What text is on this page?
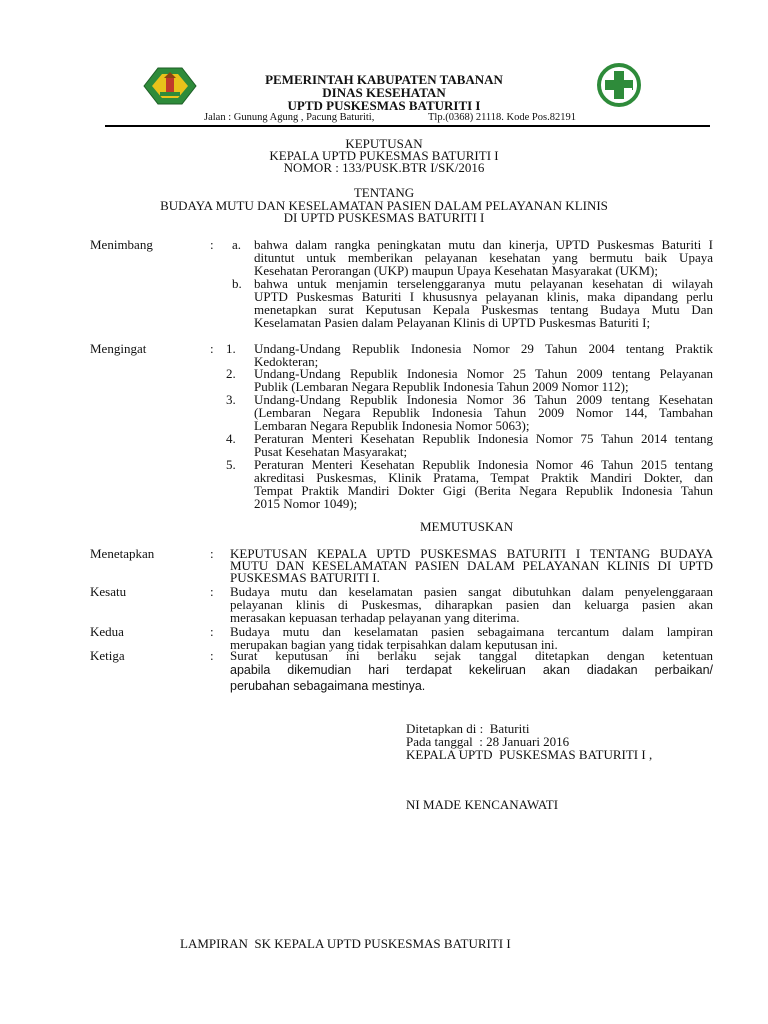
PEMERINTAH KABUPATEN TABANAN
DINAS KESEHATAN
UPTD PUSKESMAS BATURITI I
Jalan : Gunung Agung , Pacung Baturiti,	Tlp.(0368) 21118. Kode Pos.82191
KEPUTUSAN
KEPALA UPTD PUKESMAS BATURITI I
NOMOR : 133/PUSK.BTR I/SK/2016
TENTANG
BUDAYA MUTU DAN KESELAMATAN PASIEN DALAM PELAYANAN KLINIS
DI UPTD PUSKESMAS BATURITI I
Menimbang	: a. bahwa dalam rangka peningkatan mutu dan kinerja, UPTD Puskesmas Baturiti I
dituntut untuk memberikan pelayanan kesehatan yang bermutu baik Upaya
Kesehatan Perorangan (UKP) maupun Upaya Kesehatan Masyarakat (UKM);
b. bahwa untuk menjamin terselenggaranya mutu pelayanan kesehatan di wilayah
UPTD Puskesmas Baturiti I khususnya pelayanan klinis, maka dipandang perlu
menetapkan surat Keputusan Kepala Puskesmas tentang Budaya Mutu Dan
Keselamatan Pasien dalam Pelayanan Klinis di UPTD Puskesmas Baturiti I;
Mengingat	: 1. Undang-Undang Republik Indonesia Nomor 29 Tahun 2004 tentang Praktik
Kedokteran;
2. Undang-Undang Republik Indonesia Nomor 25 Tahun 2009 tentang Pelayanan
Publik (Lembaran Negara Republik Indonesia Tahun 2009 Nomor 112);
3. Undang-Undang Republik Indonesia Nomor 36 Tahun 2009 tentang Kesehatan
(Lembaran Negara Republik Indonesia Tahun 2009 Nomor 144, Tambahan
Lembaran Negara Republik Indonesia Nomor 5063);
4. Peraturan Menteri Kesehatan Republik Indonesia Nomor 75 Tahun 2014 tentang
Pusat Kesehatan Masyarakat;
5. Peraturan Menteri Kesehatan Republik Indonesia Nomor 46 Tahun 2015 tentang
akreditasi Puskesmas, Klinik Pratama, Tempat Praktik Mandiri Dokter, dan
Tempat Praktik Mandiri Dokter Gigi (Berita Negara Republik Indonesia Tahun
2015 Nomor 1049);
MEMUTUSKAN
Menetapkan	: KEPUTUSAN KEPALA UPTD PUSKESMAS BATURITI I TENTANG BUDAYA
MUTU DAN KESELAMATAN PASIEN DALAM PELAYANAN KLINIS DI UPTD
PUSKESMAS BATURITI I.
Kesatu	: Budaya mutu dan keselamatan pasien sangat dibutuhkan dalam penyelenggaraan
pelayanan klinis di Puskesmas, diharapkan pasien dan keluarga pasien akan
merasakan kepuasan terhadap pelayanan yang diterima.
Kedua	: Budaya mutu dan keselamatan pasien sebagaimana tercantum dalam lampiran
merupakan bagian yang tidak terpisahkan dalam keputusan ini.
Ketiga	: Surat keputusan ini berlaku sejak tanggal ditetapkan dengan ketentuan
apabila dikemudian hari terdapat kekeliruan akan diadakan perbaikan/
perubahan sebagaimana mestinya.
Ditetapkan di :  Baturiti
Pada tanggal  : 28 Januari 2016
KEPALA UPTD  PUSKESMAS BATURITI I ,
NI MADE KENCANAWATI
LAMPIRAN  SK KEPALA UPTD PUSKESMAS BATURITI I
